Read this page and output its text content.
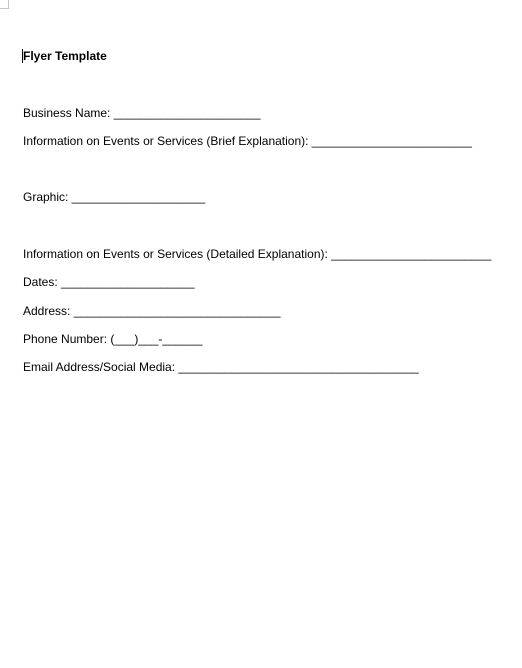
Flyer Template

Business Name: ______________________

Information on Events or Services (Brief Explanation): ________________________

Graphic: ____________________

Information on Events or Services (Detailed Explanation): ________________________

Dates: ____________________

Address: _______________________________

Phone Number: (___)___-______

Email Address/Social Media: ____________________________________
